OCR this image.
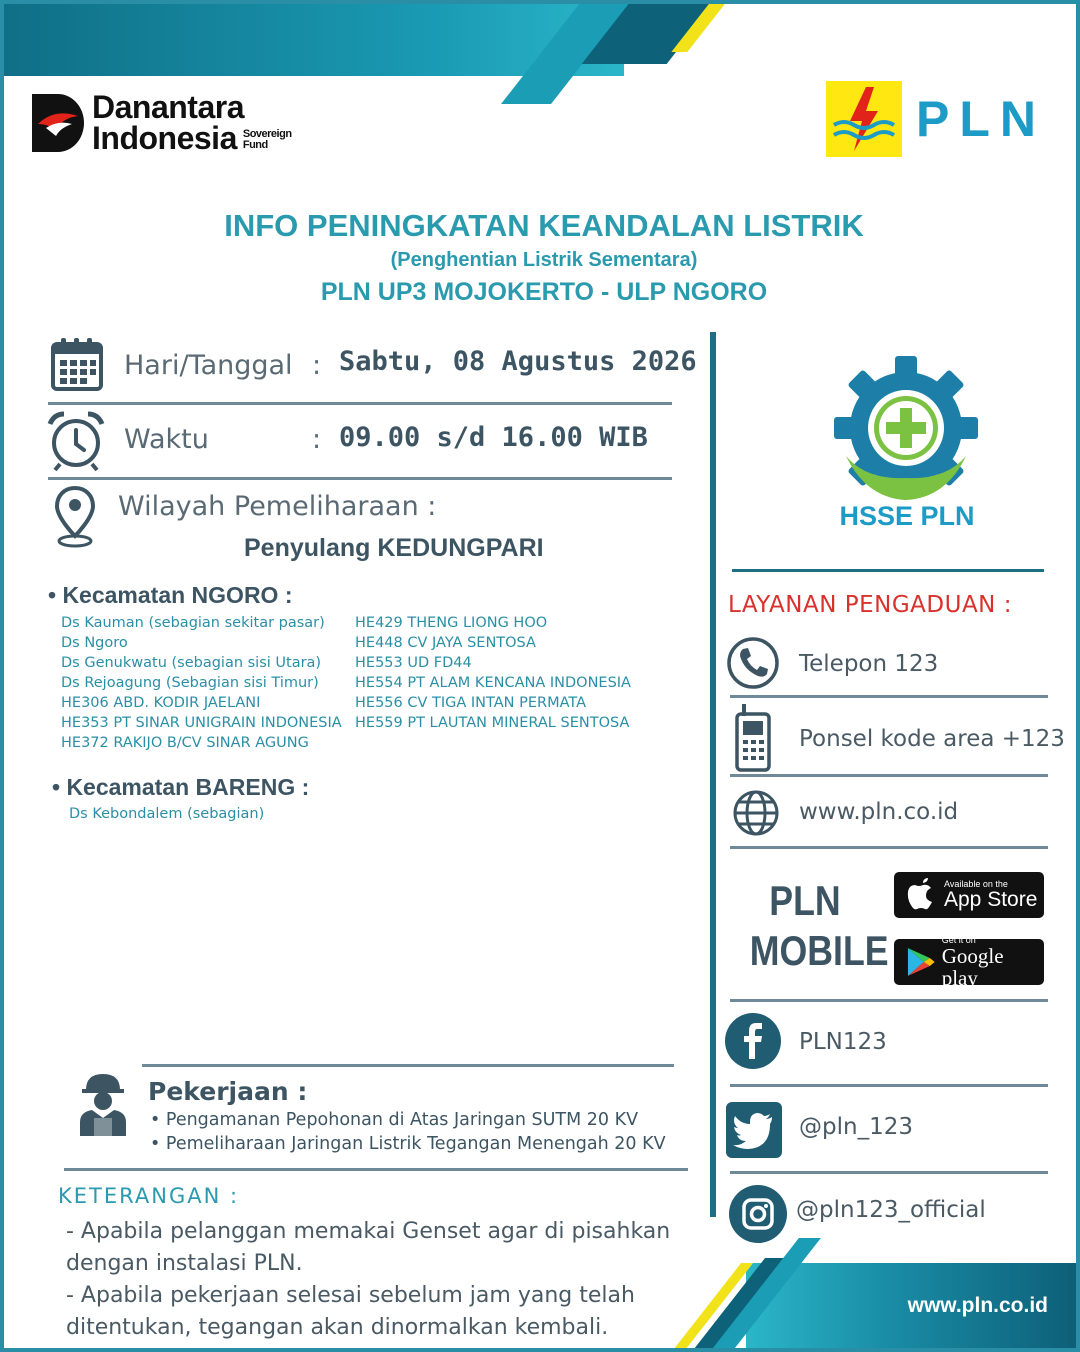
Danantara
Indonesia Sovereign
Fund	PLN
INFO PENINGKATAN KEANDALAN LISTRIK
(Penghentian Listrik Sementara)
PLN UP3 MOJOKERTO - ULP NGORO
Hari/Tanggal : Sabtu, 08 Agustus 2026
Waktu	: 09.00 s/d 16.00 WIB
Wilayah Pemeliharaan :
Penyulang KEDUNGPARI
• Kecamatan NGORO :
Ds Kauman (sebagian sekitar pasar)
Ds Ngoro
Ds Genukwatu (sebagian sisi Utara)
Ds Rejoagung (Sebagian sisi Timur)
HE306 ABD. KODIR JAELANI
HE353 PT SINAR UNIGRAIN INDONESIA
HE372 RAKIJO B/CV SINAR AGUNG
HE429 THENG LIONG HOO
HE448 CV JAYA SENTOSA
HE553 UD FD44
HE554 PT ALAM KENCANA INDONESIA
HE556 CV TIGA INTAN PERMATA
HE559 PT LAUTAN MINERAL SENTOSA
• Kecamatan BARENG :
Ds Kebondalem (sebagian)
Pekerjaan :
• Pengamanan Pepohonan di Atas Jaringan SUTM 20 KV
• Pemeliharaan Jaringan Listrik Tegangan Menengah 20 KV
KETERANGAN :
- Apabila pelanggan memakai Genset agar di pisahkan
dengan instalasi PLN.
- Apabila pekerjaan selesai sebelum jam yang telah
ditentukan, tegangan akan dinormalkan kembali.
HSSE PLN
LAYANAN PENGADUAN :
Telepon 123
Ponsel kode area +123
www.pln.co.id
PLN
MOBILE
Available on the
App Store
Get it on
Google play
PLN123
@pln_123
@pln123_official
www.pln.co.id
